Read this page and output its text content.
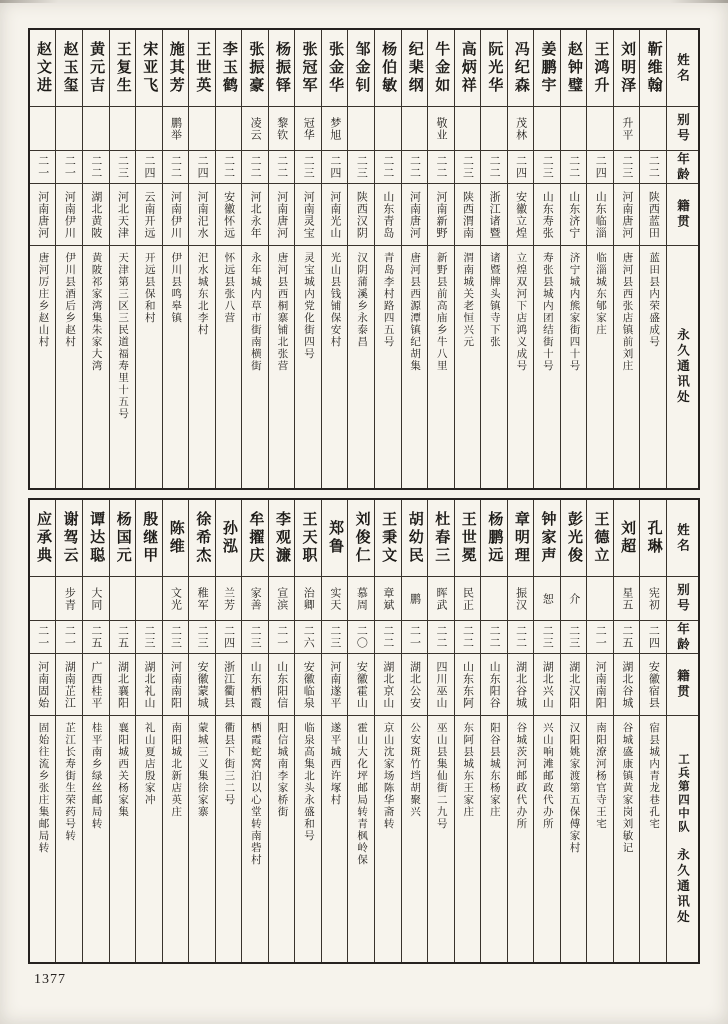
姓名
别号
年龄
籍贯
永久通讯处
靳维翰
二二
陕西蓝田
蓝田县内荣盛成号
刘明泽
升平
二三
河南唐河
唐河县西张店镇前刘庄
王鸿升
二四
山东临淄
临淄城东郇家庄
赵钟璧
二二
山东济宁
济宁城内熊家街四十号
姜鹏宇
二三
山东寿张
寿张县城内团结街十号
冯纪森
茂林
二四
安徽立煌
立煌双河下店鸿义成号
阮光华
二二
浙江诸暨
诸暨牌头镇寺下张
高炳祥
二三
陕西渭南
渭南城关老恒兴元
牛金如
敬业
二二
河南新野
新野县前高庙乡牛八里
纪棐纲
二二
河南唐河
唐河县西源潭镇纪胡集
杨伯敏
二二
山东青岛
青岛李村路四五号
邹金钊
二三
陕西汉阴
汉阴蒲溪乡永泰昌
张金华
梦旭
二四
河南光山
光山县钱铺保安村
张冠军
冠华
二三
河南灵宝
灵宝城内党化街四号
杨振铎
黎钦
二二
河南唐河
唐河县西桐寨铺北张营
张振豪
凌云
二二
河北永年
永年城内草市街南横街
李玉鹤
二二
安徽怀远
怀远县张八营
王世英
二四
河南汜水
汜水城东北李村
施其芳
鹏举
二二
河南伊川
伊川县鸣皋镇
宋亚飞
二四
云南开远
开远县保和村
王复生
二三
河北天津
天津第三区三民道福寿里十五号
黄元吉
二二
湖北黄陂
黄陂祁家湾集朱家大湾
赵玉玺
二一
河南伊川
伊川县酒后乡赵村
赵文进
二一
河南唐河
唐河厉庄乡赵山村
姓名
别号
年龄
籍贯
工兵第四中队
永久通讯处
孔琳
宪初
二四
安徽宿县
宿县城内青龙巷孔宅
刘超
星五
二五
湖北谷城
谷城盛康镇黄家岗刘敏记
王德立
二一
河南南阳
南阳潦河杨官寺王宅
彭光俊
介
二三
湖北汉阳
汉阳姚家渡第五保傅家村
钟家声
恕
二三
湖北兴山
兴山响滩邮政代办所
章明理
振汉
二二
湖北谷城
谷城茨河邮政代办所
杨鹏远
二二
山东阳谷
阳谷县城东杨家庄
王世冕
民正
二二
山东东阿
东阿县城东王家庄
杜春三
晖武
二二
四川巫山
巫山县集仙街二九号
胡幼民
鹏
二一
湖北公安
公安斑竹垱胡聚兴
王秉文
章斌
二二
湖北京山
京山沈家场陈华斋转
刘俊仁
慕周
二〇
安徽霍山
霍山大化坪邮局转青枫岭保
郑鲁
实天
二三
河南遂平
遂平城西许塚村
王天职
治卿
二六
安徽临泉
临泉高集北头永盛和号
李观濂
宣滨
二一
山东阳信
阳信城南李家桥街
牟擢庆
家善
二三
山东栖霞
栖霞蛇窝泊以心堂转南砦村
孙泓
兰芳
二四
浙江衢县
衢县下街三二号
徐希杰
稚军
二三
安徽蒙城
蒙城三义集徐家寨
陈维
文光
二三
河南南阳
南阳城北新店英庄
殷继甲
二三
湖北礼山
礼山夏店殷家冲
杨国元
二五
湖北襄阳
襄阳城西关杨家集
谭达聪
大同
二五
广西桂平
桂平南乡绿丝邮局转
谢驾云
步青
二一
湖南芷江
芷江长寿街生荣药号转
应承典
二一
河南固始
固始往流乡张庄集邮局转
1377
